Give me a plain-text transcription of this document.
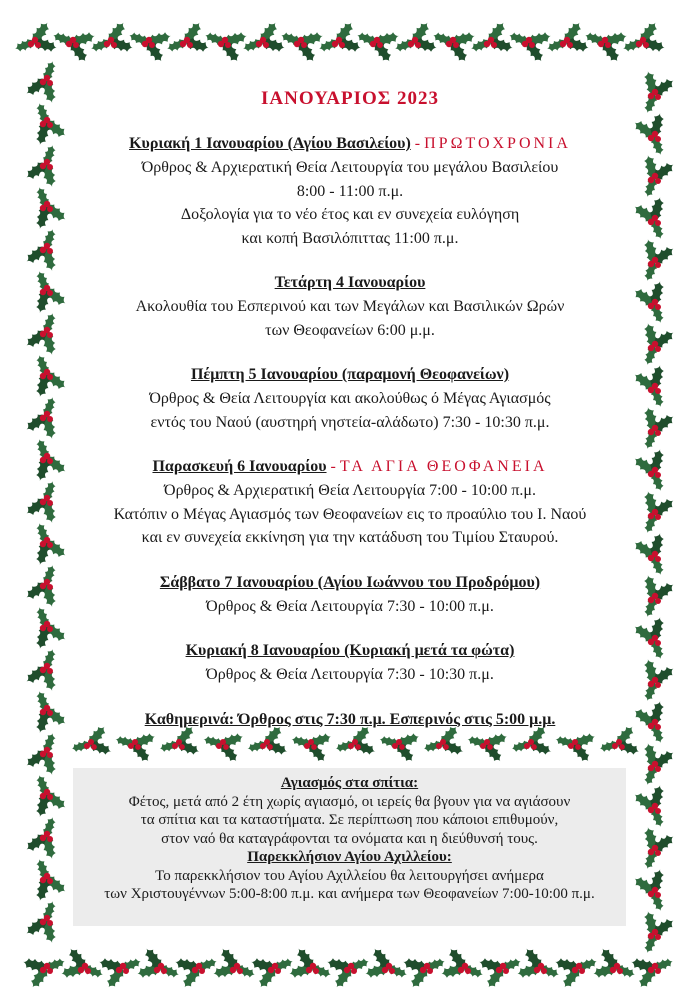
ΙΑΝΟΥΑΡΙΟΣ 2023
Κυριακή 1 Ιανουαρίου (Αγίου Βασιλείου) - ΠΡΩΤΟΧΡΟΝΙΑ
Όρθρος & Αρχιερατική Θεία Λειτουργία του μεγάλου Βασιλείου
8:00 - 11:00 π.μ.
Δοξολογία για το νέο έτος και εν συνεχεία ευλόγηση
και κοπή Βασιλόπιττας 11:00 π.μ.
Τετάρτη 4 Ιανουαρίου
Ακολουθία του Εσπερινού και των Μεγάλων και Βασιλικών Ωρών
των Θεοφανείων 6:00 μ.μ.
Πέμπτη 5 Ιανουαρίου (παραμονή Θεοφανείων)
Όρθρος & Θεία Λειτουργία και ακολούθως ό Μέγας Αγιασμός
εντός του Ναού (αυστηρή νηστεία-αλάδωτο) 7:30 - 10:30 π.μ.
Παρασκευή 6 Ιανουαρίου - ΤΑ ΑΓΙΑ ΘΕΟΦΑΝΕΙΑ
Όρθρος & Αρχιερατική Θεία Λειτουργία 7:00 - 10:00 π.μ.
Κατόπιν ο Μέγας Αγιασμός των Θεοφανείων εις το προαύλιο του Ι. Ναού
και εν συνεχεία εκκίνηση για την κατάδυση του Τιμίου Σταυρού.
Σάββατο 7 Ιανουαρίου (Αγίου Ιωάννου του Προδρόμου)
Όρθρος & Θεία Λειτουργία 7:30 - 10:00 π.μ.
Κυριακή 8 Ιανουαρίου (Κυριακή μετά τα φώτα)
Όρθρος & Θεία Λειτουργία 7:30 - 10:30 π.μ.
Καθημερινά: Όρθρος στις 7:30 π.μ. Εσπερινός στις 5:00 μ.μ.
Αγιασμός στα σπίτια:
Φέτος, μετά από 2 έτη χωρίς αγιασμό, οι ιερείς θα βγουν για να αγιάσουν
τα σπίτια και τα καταστήματα. Σε περίπτωση που κάποιοι επιθυμούν,
στον ναό θα καταγράφονται τα ονόματα και η διεύθυνσή τους.
Παρεκκλήσιον Αγίου Αχιλλείου:
Το παρεκκλήσιον του Αγίου Αχιλλείου θα λειτουργήσει ανήμερα
των Χριστουγέννων 5:00-8:00 π.μ. και ανήμερα των Θεοφανείων 7:00-10:00 π.μ.
